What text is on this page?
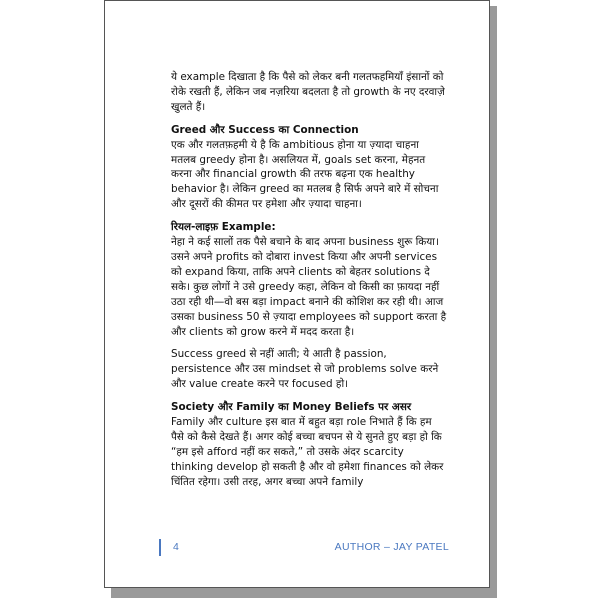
ये example दिखाता है कि पैसे को लेकर बनी गलतफहमियाँ इंसानों को रोके रखती हैं, लेकिन जब नज़रिया बदलता है तो growth के नए दरवाज़े खुलते हैं।

Greed और Success का Connection

एक और गलतफ़हमी ये है कि ambitious होना या ज़्यादा चाहना मतलब greedy होना है। असलियत में, goals set करना, मेहनत करना और financial growth की तरफ बढ़ना एक healthy behavior है। लेकिन greed का मतलब है सिर्फ अपने बारे में सोचना और दूसरों की कीमत पर हमेशा और ज़्यादा चाहना।

रियल-लाइफ़ Example:

नेहा ने कई सालों तक पैसे बचाने के बाद अपना business शुरू किया। उसने अपने profits को दोबारा invest किया और अपनी services को expand किया, ताकि अपने clients को बेहतर solutions दे सके। कुछ लोगों ने उसे greedy कहा, लेकिन वो किसी का फ़ायदा नहीं उठा रही थी—वो बस बड़ा impact बनाने की कोशिश कर रही थी। आज उसका business 50 से ज़्यादा employees को support करता है और clients को grow करने में मदद करता है।

Success greed से नहीं आती; ये आती है passion, persistence और उस mindset से जो problems solve करने और value create करने पर focused हो।

Society और Family का Money Beliefs पर असर

Family और culture इस बात में बहुत बड़ा role निभाते हैं कि हम पैसे को कैसे देखते हैं। अगर कोई बच्चा बचपन से ये सुनते हुए बड़ा हो कि “हम इसे afford नहीं कर सकते,” तो उसके अंदर scarcity thinking develop हो सकती है और वो हमेशा finances को लेकर चिंतित रहेगा। उसी तरह, अगर बच्चा अपने family

4	AUTHOR – JAY PATEL
